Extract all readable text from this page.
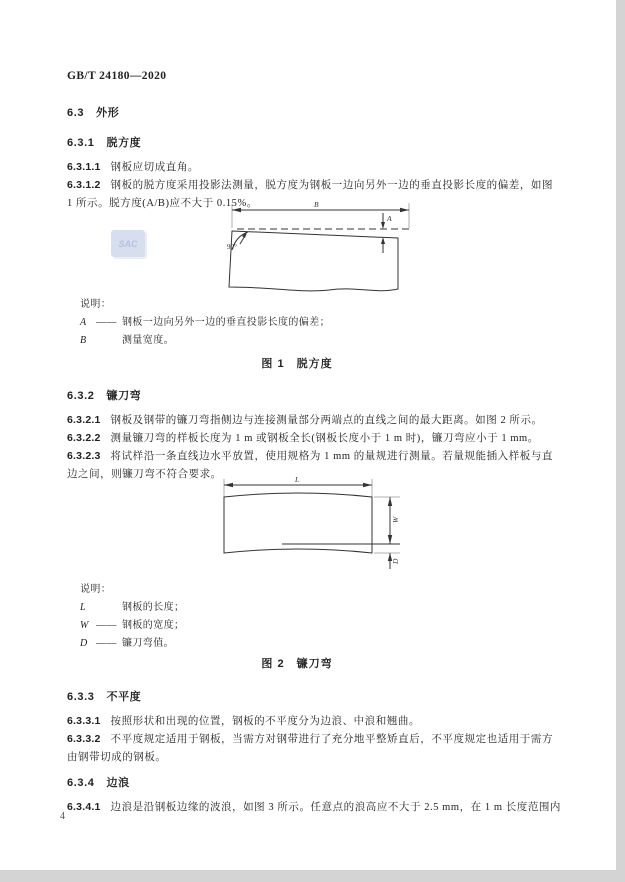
GB/T 24180—2020
6.3 外形
6.3.1 脱方度
6.3.1.1 钢板应切成直角。
6.3.1.2 钢板的脱方度采用投影法测量，脱方度为钢板一边向另外一边的垂直投影长度的偏差，如图 1 所示。脱方度(A/B)应不大于 0.15%。
SAC
B
90°
A
说明：
A —— 钢板一边向另外一边的垂直投影长度的偏差；
B	测量宽度。
图 1　脱方度
6.3.2 镰刀弯
6.3.2.1 钢板及钢带的镰刀弯指侧边与连接测量部分两端点的直线之间的最大距离。如图 2 所示。
6.3.2.2 测量镰刀弯的样板长度为 1 m 或钢板全长(钢板长度小于 1 m 时)，镰刀弯应小于 1 mm。
6.3.2.3 将试样沿一条直线边水平放置，使用规格为 1 mm 的量规进行测量。若量规能插入样板与直边之间，则镰刀弯不符合要求。	L
W
D
说明：
L	钢板的长度；
W —— 钢板的宽度；
D —— 镰刀弯值。
图 2　镰刀弯
6.3.3 不平度
6.3.3.1 按照形状和出现的位置，钢板的不平度分为边浪、中浪和翘曲。
6.3.3.2 不平度规定适用于钢板，当需方对钢带进行了充分地平整矫直后，不平度规定也适用于需方由钢带切成的钢板。
6.3.4 边浪
6.3.4.1 边浪是沿钢板边缘的波浪，如图 3 所示。任意点的浪高应不大于 2.5 mm，在 1 m 长度范围内
4
